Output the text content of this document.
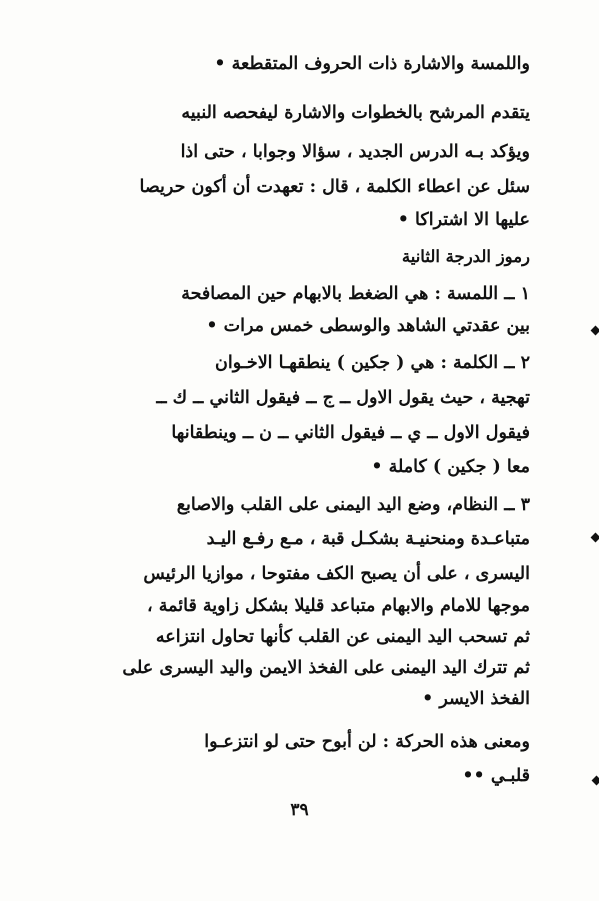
واللمسة والاشارة ذات الحروف المتقطعة •
يتقدم المرشح بالخطوات والاشارة ليفحصه النبيه
ويؤكد بـه الدرس الجديد ، سؤالا وجوابا ، حتى اذا
سئل عن اعطاء الكلمة ، قال : تعهدت أن أكون حريصا
عليها الا اشتراكا •
رموز الدرجة الثانية
١ ــ اللمسة : هي الضغط بالابهام حين المصافحة
بين عقدتي الشاهد والوسطى خمس مرات •
٢ ــ الكلمة : هي ( جكين ) ينطقهـا الاخـوان
تهجية ، حيث يقول الاول ــ ج ــ فيقول الثاني ــ ك ــ
فيقول الاول ــ ي ــ فيقول الثاني ــ ن ــ وينطقانها
معا ( جكين ) كاملة •
٣ ــ النظام، وضع اليد اليمنى على القلب والاصابع
متباعـدة ومنحنيـة بشكـل قبة ، مـع رفـع اليـد
اليسرى ، على أن يصبح الكف مفتوحا ، موازيا الرئيس
موجها للامام والابهام متباعد قليلا بشكل زاوية قائمة ،
ثم تسحب اليد اليمنى عن القلب كأنها تحاول انتزاعه
ثم تترك اليد اليمنى على الفخذ الايمن واليد اليسرى على
الفخذ الايسر •
ومعنى هذه الحركة : لن أبوح حتى لو انتزعـوا
قلبـي ••
٣٩
